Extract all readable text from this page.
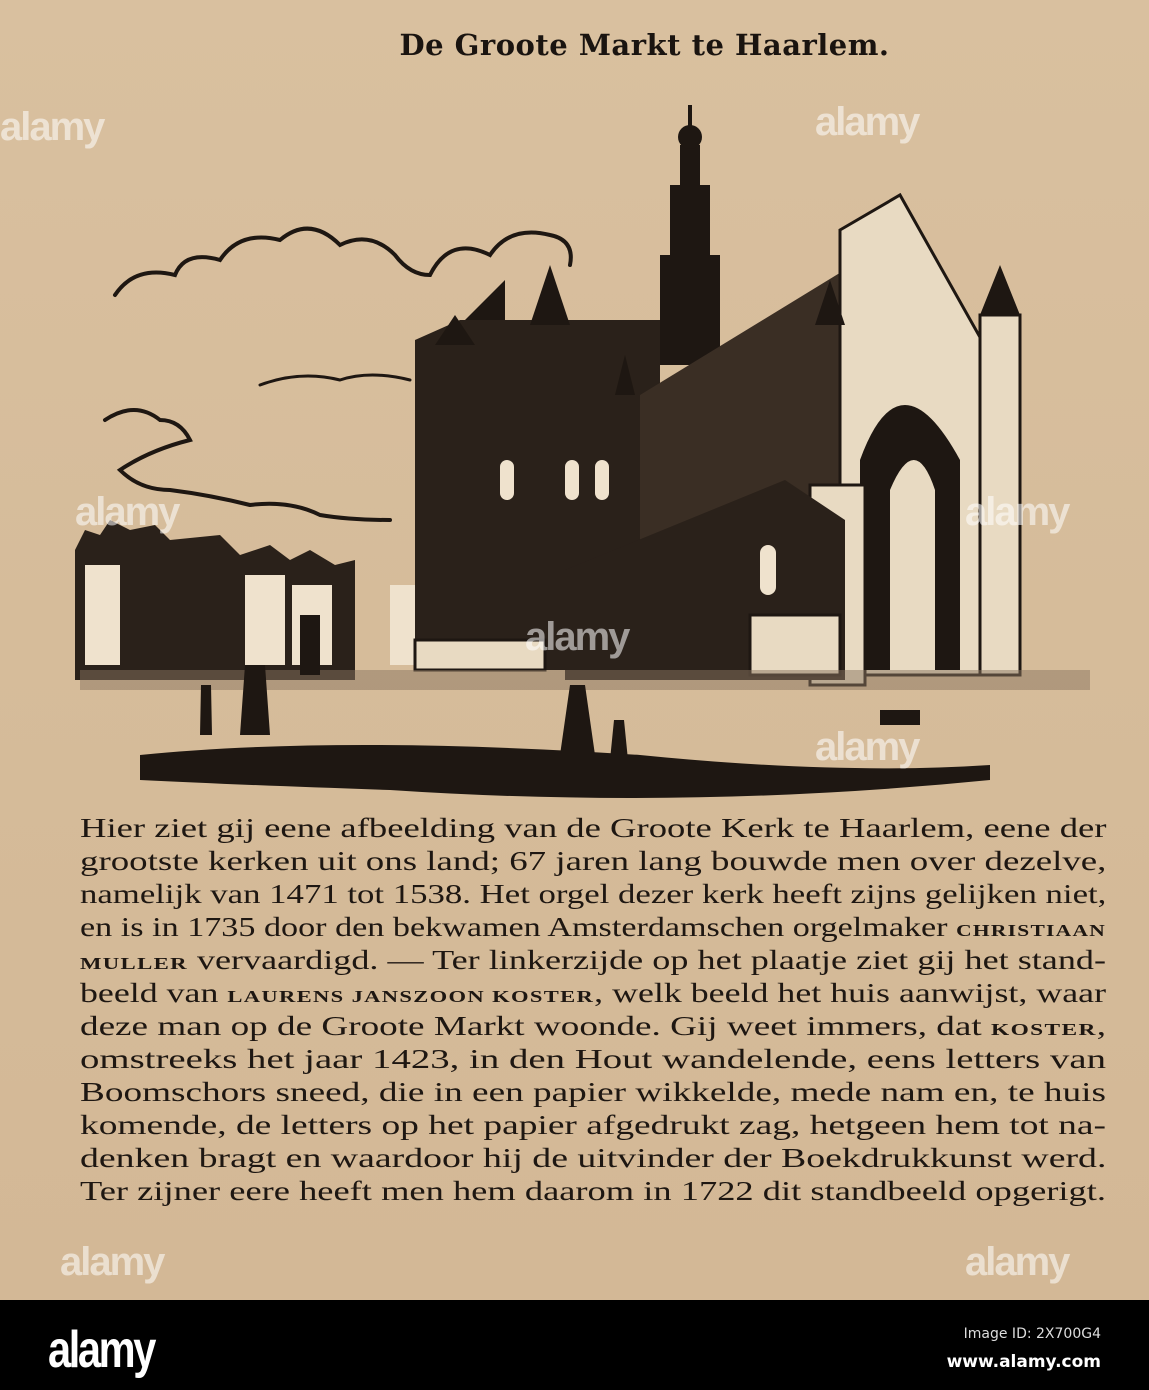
De Groote Markt te Haarlem.
Hier ziet gij eene afbeelding van de Groote Kerk te Haarlem, eene der
grootste kerken uit ons land; 67 jaren lang bouwde men over dezelve,
namelijk van 1471 tot 1538. Het orgel dezer kerk heeft zijns gelijken niet,
en is in 1735 door den bekwamen Amsterdamschen orgelmaker CHRISTIAAN
MULLER vervaardigd. — Ter linkerzijde op het plaatje ziet gij het stand-
beeld van LAURENS JANSZOON KOSTER, welk beeld het huis aanwijst, waar
deze man op de Groote Markt woonde. Gij weet immers, dat KOSTER,
omstreeks het jaar 1423, in den Hout wandelende, eens letters van
Boomschors sneed, die in een papier wikkelde, mede nam en, te huis
komende, de letters op het papier afgedrukt zag, hetgeen hem tot na-
denken bragt en waardoor hij de uitvinder der Boekdrukkunst werd.
Ter zijner eere heeft men hem daarom in 1722 dit standbeeld opgerigt.
alamy	alamy
alamy
alamy
alamy
alamy
alamy	alamy
alamy	Image ID: 2X700G4
www.alamy.com
